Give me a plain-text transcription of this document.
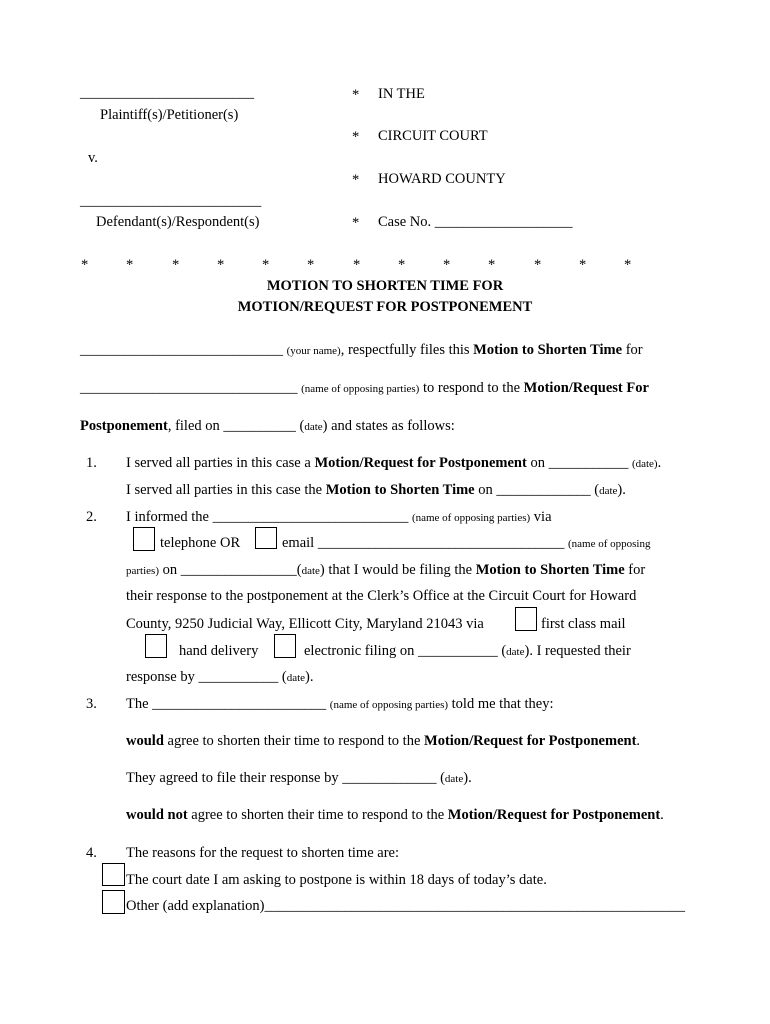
________________________
Plaintiff(s)/Petitioner(s)
v.
_________________________
Defendant(s)/Respondent(s)
* IN THE
* CIRCUIT COURT
* HOWARD COUNTY
* Case No. ___________________
*	*	*	*	*	*	*	*	*	*	*	*	*
MOTION TO SHORTEN TIME FOR
MOTION/REQUEST FOR POSTPONEMENT
____________________________ (your name), respectfully files this Motion to Shorten Time for
______________________________ (name of opposing parties) to respond to the Motion/Request For
Postponement, filed on __________ (date) and states as follows:
1. I served all parties in this case a Motion/Request for Postponement on ___________ (date).
I served all parties in this case the Motion to Shorten Time on _____________ (date).
2. I informed the ___________________________ (name of opposing parties) via
telephone OR	email __________________________________ (name of opposing
parties) on ________________(date) that I would be filing the Motion to Shorten Time for
their response to the postponement at the Clerk’s Office at the Circuit Court for Howard
County, 9250 Judicial Way, Ellicott City, Maryland 21043 via	first class mail
hand delivery	electronic filing on ___________ (date). I requested their
response by ___________ (date).
3. The ________________________ (name of opposing parties) told me that they:
would agree to shorten their time to respond to the Motion/Request for Postponement.
They agreed to file their response by _____________ (date).
would not agree to shorten their time to respond to the Motion/Request for Postponement.
4. The reasons for the request to shorten time are:
The court date I am asking to postpone is within 18 days of today’s date.
Other (add explanation)__________________________________________________________
